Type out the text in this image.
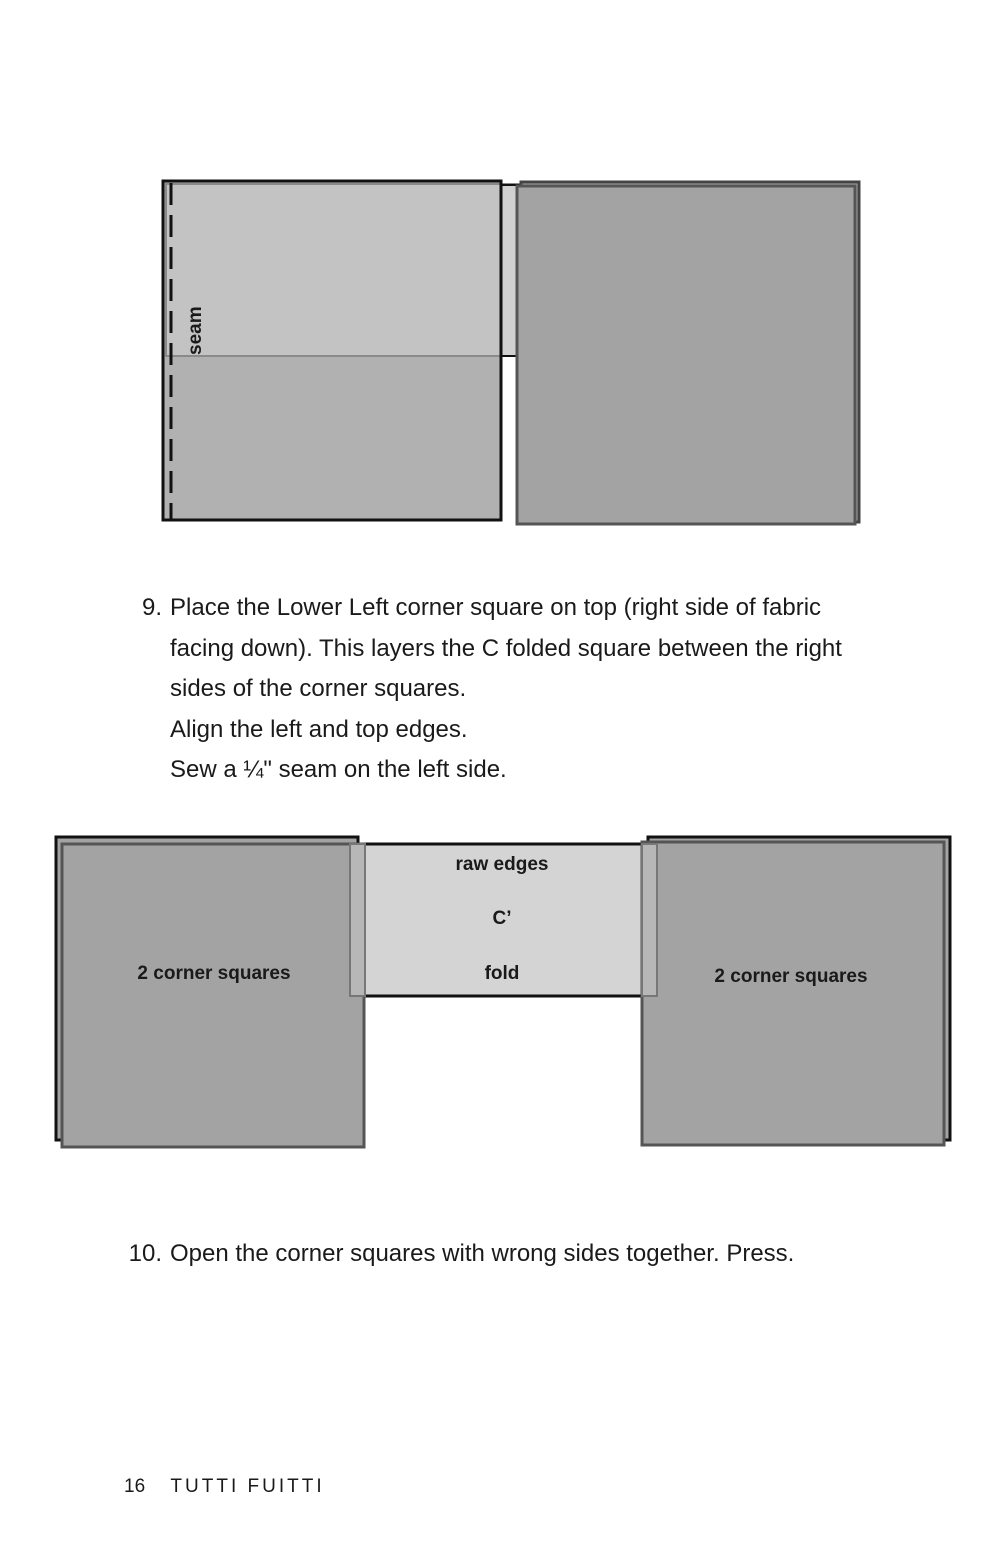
seam
9. Place the Lower Left corner square on top (right side of fabric
facing down). This layers the C folded square between the right
sides of the corner squares.
Align the left and top edges.
Sew a ¼" seam on the left side.
2 corner squares
raw edges
C’
fold	2 corner squares
10. Open the corner squares with wrong sides together. Press.
16 TUTTI FUITTI
